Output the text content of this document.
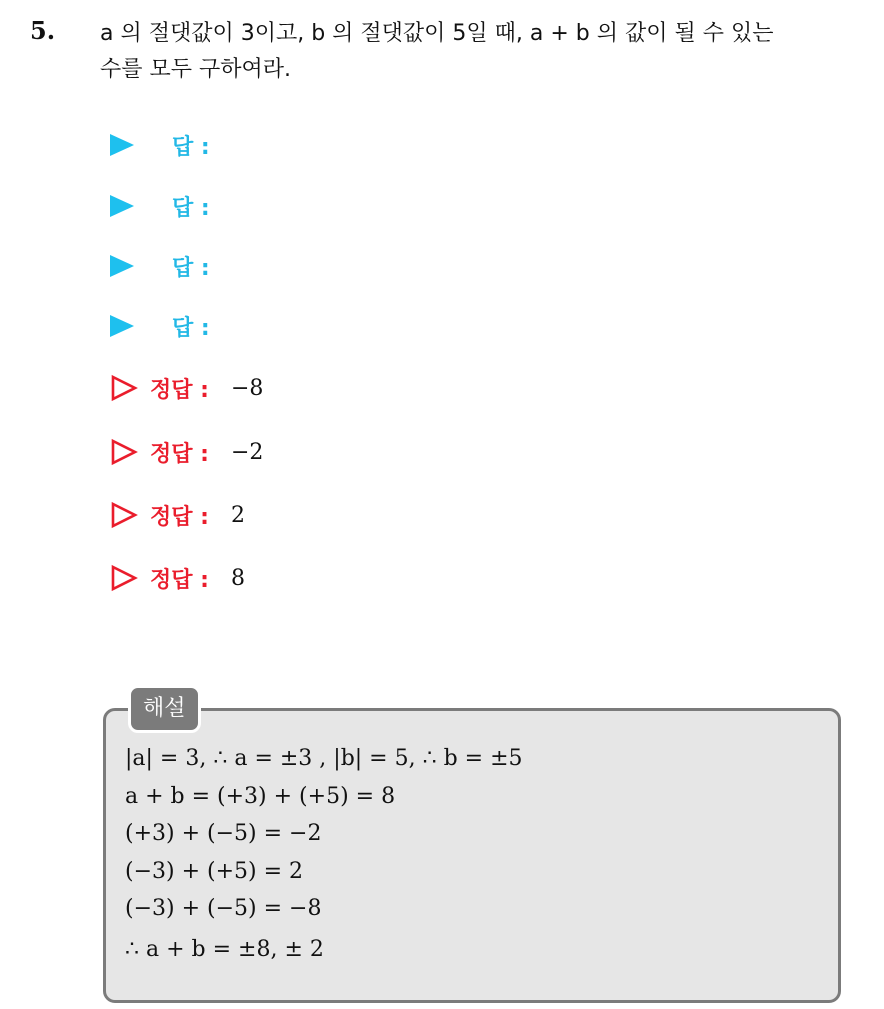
5. a 의 절댓값이 3이고, b 의 절댓값이 5일 때, a + b 의 값이 될 수 있는
수를 모두 구하여라.
답 :
답 :
답 :
답 :
정답 : −8
정답 : −2
정답 : 2
정답 : 8
해설
|a| = 3, ∴ a = ±3 , |b| = 5, ∴ b = ±5
a + b = (+3) + (+5) = 8
(+3) + (−5) = −2
(−3) + (+5) = 2
(−3) + (−5) = −8
∴ a + b = ±8, ± 2
